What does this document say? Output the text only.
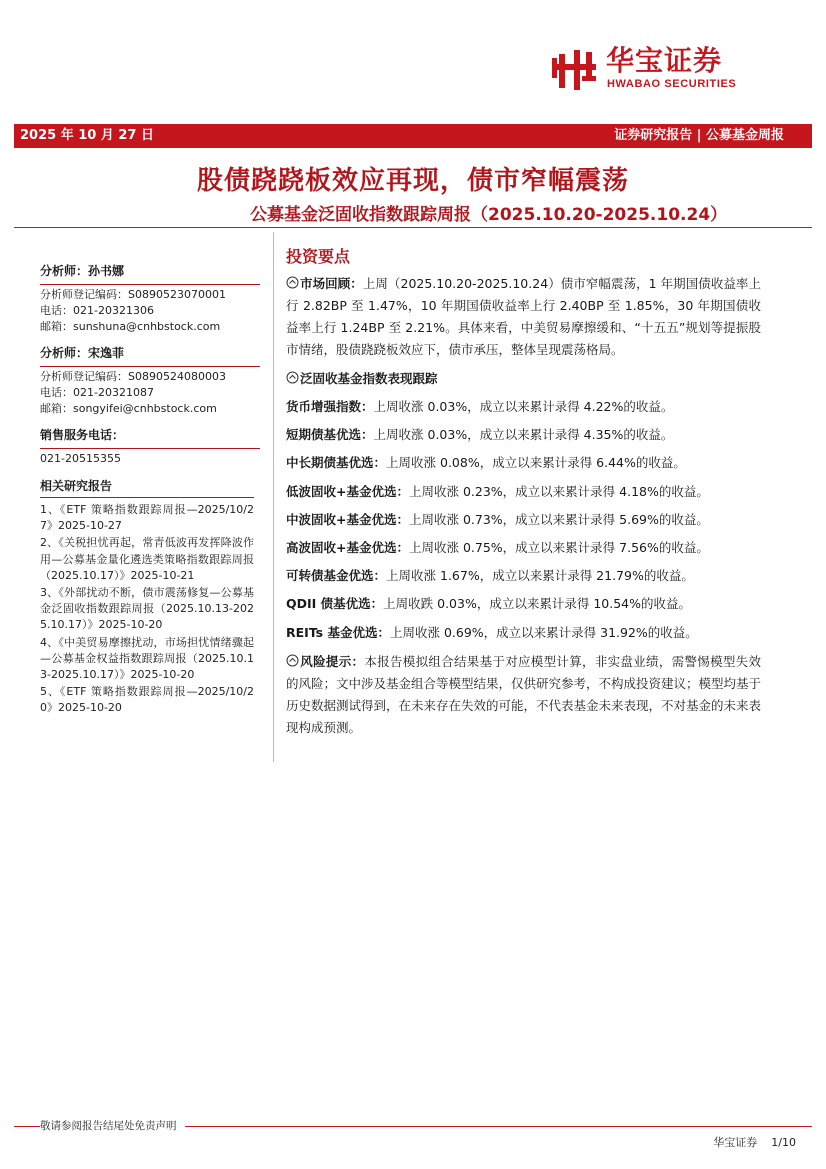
华宝证券
HWABAO SECURITIES
2025 年 10 月 27 日	证券研究报告 | 公募基金周报
股债跷跷板效应再现，债市窄幅震荡
公募基金泛固收指数跟踪周报（2025.10.20-2025.10.24）
分析师：孙书娜
分析师登记编码：S0890523070001
电话：021-20321306
邮箱：sunshuna@cnhbstock.com
分析师：宋逸菲
分析师登记编码：S0890524080003
电话：021-20321087
邮箱：songyifei@cnhbstock.com
销售服务电话：
021-20515355
相关研究报告
1、《ETF 策略指数跟踪周报—2025/10/27》2025-10-27
2、《关税担忧再起，常青低波再发挥降波作用—公募基金量化遴选类策略指数跟踪周报（2025.10.17）》2025-10-21
3、《外部扰动不断，债市震荡修复—公募基金泛固收指数跟踪周报（2025.10.13-2025.10.17）》2025-10-20
4、《中美贸易摩擦扰动，市场担忧情绪骤起—公募基金权益指数跟踪周报（2025.10.13-2025.10.17）》2025-10-20
5、《ETF 策略指数跟踪周报—2025/10/20》2025-10-20
投资要点
市场回顾：上周（2025.10.20-2025.10.24）债市窄幅震荡，1 年期国债收益率上行 2.82BP 至 1.47%，10 年期国债收益率上行 2.40BP 至 1.85%，30 年期国债收益率上行 1.24BP 至 2.21%。具体来看，中美贸易摩擦缓和、“十五五”规划等提振股市情绪，股债跷跷板效应下，债市承压，整体呈现震荡格局。
泛固收基金指数表现跟踪
货币增强指数：上周收涨 0.03%，成立以来累计录得 4.22%的收益。
短期债基优选：上周收涨 0.03%，成立以来累计录得 4.35%的收益。
中长期债基优选：上周收涨 0.08%，成立以来累计录得 6.44%的收益。
低波固收+基金优选：上周收涨 0.23%，成立以来累计录得 4.18%的收益。
中波固收+基金优选：上周收涨 0.73%，成立以来累计录得 5.69%的收益。
高波固收+基金优选：上周收涨 0.75%，成立以来累计录得 7.56%的收益。
可转债基金优选：上周收涨 1.67%，成立以来累计录得 21.79%的收益。
QDII 债基优选：上周收跌 0.03%，成立以来累计录得 10.54%的收益。
REITs 基金优选：上周收涨 0.69%，成立以来累计录得 31.92%的收益。
风险提示：本报告模拟组合结果基于对应模型计算，非实盘业绩，需警惕模型失效的风险；文中涉及基金组合等模型结果，仅供研究参考，不构成投资建议；模型均基于历史数据测试得到，在未来存在失效的可能，不代表基金未来表现，不对基金的未来表现构成预测。
敬请参阅报告结尾处免责声明
华宝证券 1/10
